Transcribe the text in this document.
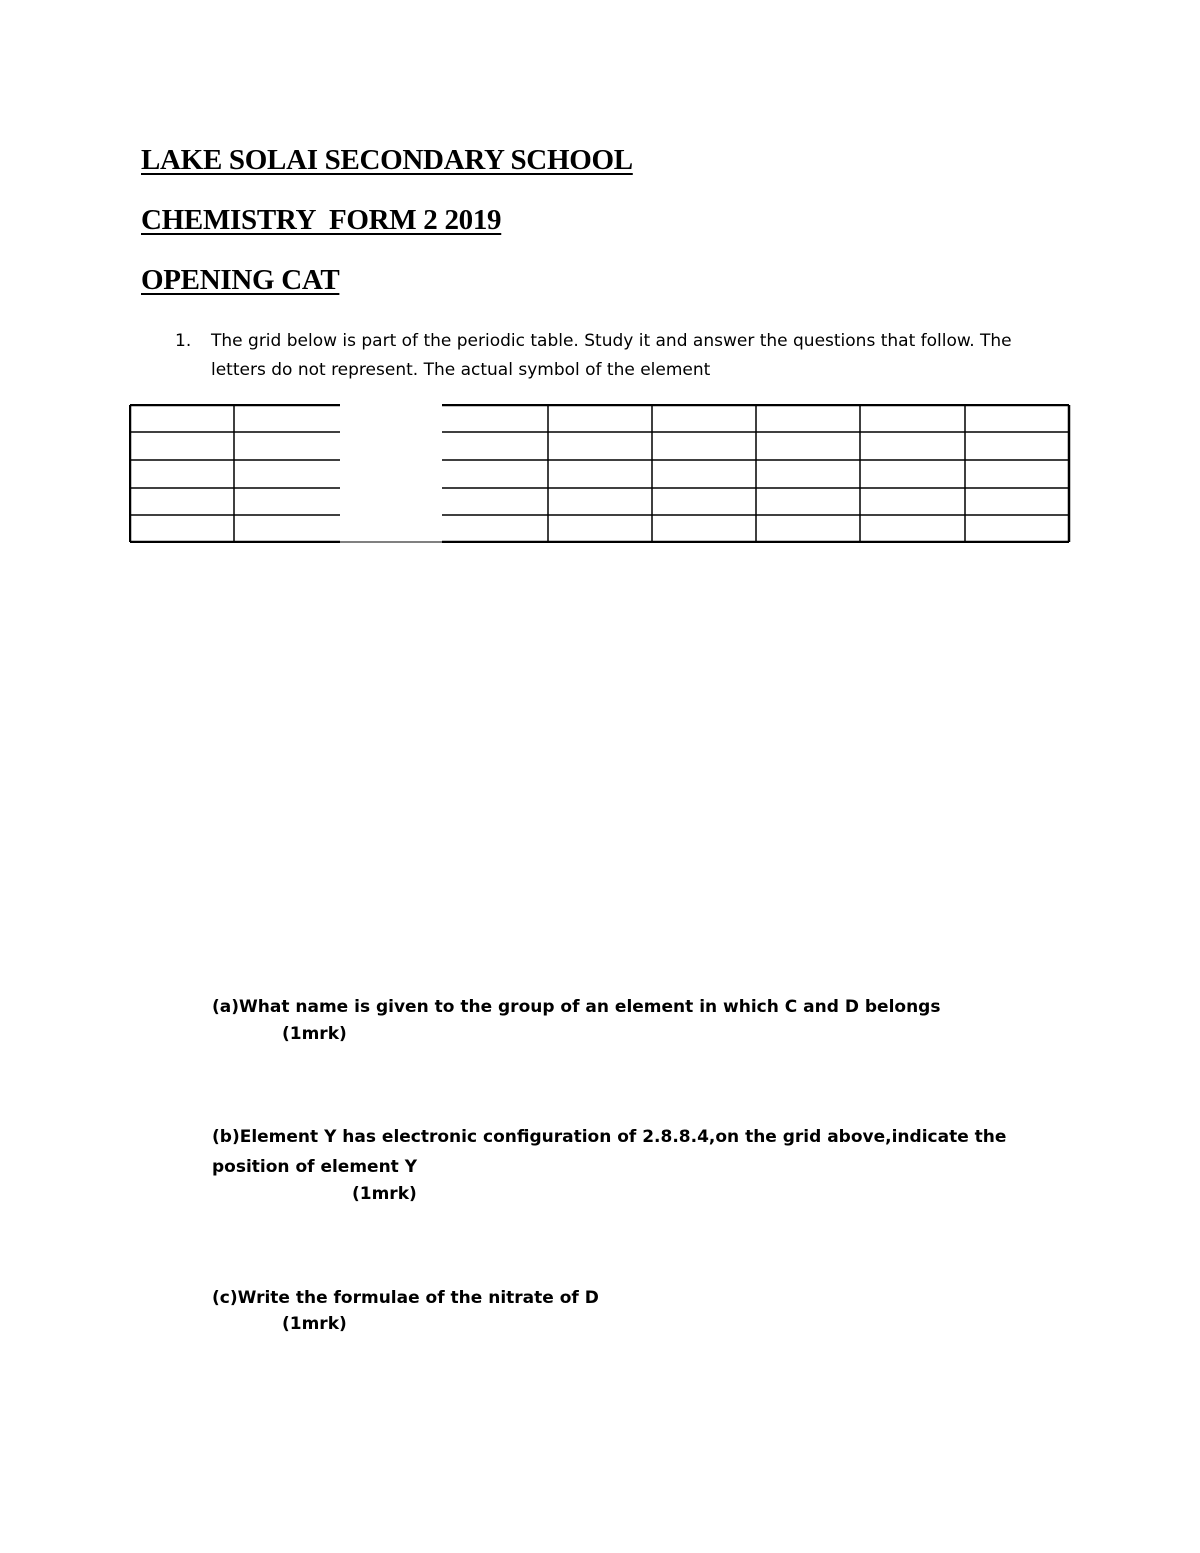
LAKE SOLAI SECONDARY SCHOOL
CHEMISTRY  FORM 2 2019
OPENING CAT
1. The grid below is part of the periodic table. Study it and answer the questions that follow. The letters do not represent. The actual symbol of the element

(a)What name is given to the group of an element in which C and D belongs

(1mrk)

(b)Element Y has electronic configuration of 2.8.8.4,on the grid above,indicate the position of element Y

(1mrk)

(c)Write the formulae of the nitrate of D

(1mrk)
